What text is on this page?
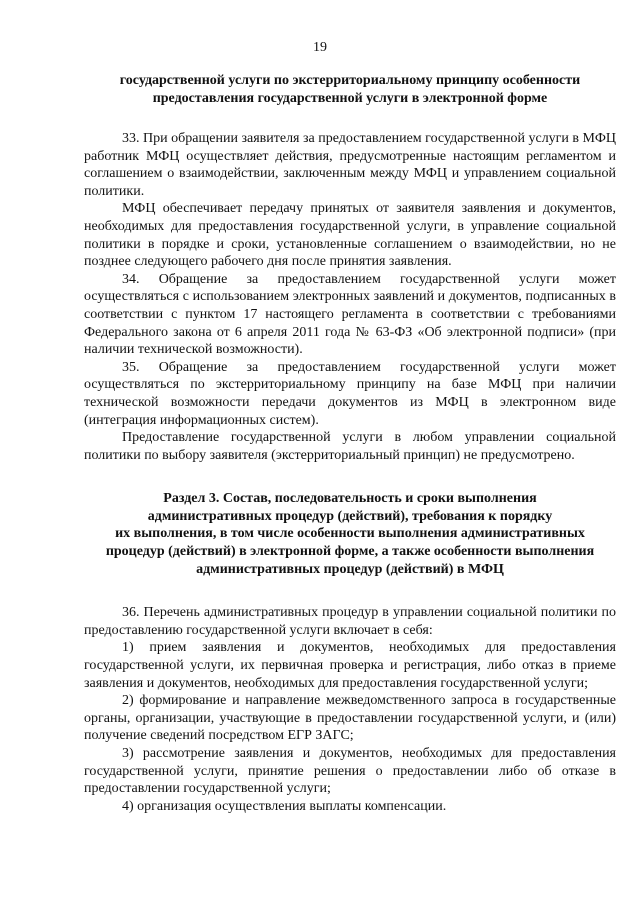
19

государственной услуги по экстерриториальному принципу особенности
предоставления государственной услуги в электронной форме

33. При обращении заявителя за предоставлением государственной услуги в МФЦ работник МФЦ осуществляет действия, предусмотренные настоящим регламентом и соглашением о взаимодействии, заключенным между МФЦ и управлением социальной политики.

МФЦ обеспечивает передачу принятых от заявителя заявления и документов, необходимых для предоставления государственной услуги, в управление социальной политики в порядке и сроки, установленные соглашением о взаимодействии, но не позднее следующего рабочего дня после принятия заявления.

34. Обращение за предоставлением государственной услуги может осуществляться с использованием электронных заявлений и документов, подписанных в соответствии с пунктом 17 настоящего регламента в соответствии с требованиями Федерального закона от 6 апреля 2011 года № 63-ФЗ «Об электронной подписи» (при наличии технической возможности).

35. Обращение за предоставлением государственной услуги может осуществляться по экстерриториальному принципу на базе МФЦ при наличии технической возможности передачи документов из МФЦ в электронном виде (интеграция информационных систем).

Предоставление государственной услуги в любом управлении социальной политики по выбору заявителя (экстерриториальный принцип) не предусмотрено.

Раздел 3. Состав, последовательность и сроки выполнения
административных процедур (действий), требования к порядку
их выполнения, в том числе особенности выполнения административных
процедур (действий) в электронной форме, а также особенности выполнения
административных процедур (действий) в МФЦ

36. Перечень административных процедур в управлении социальной политики по предоставлению государственной услуги включает в себя:

1) прием заявления и документов, необходимых для предоставления государственной услуги, их первичная проверка и регистрация, либо отказ в приеме заявления и документов, необходимых для предоставления государственной услуги;

2) формирование и направление межведомственного запроса в государственные органы, организации, участвующие в предоставлении государственной услуги, и (или) получение сведений посредством ЕГР ЗАГС;

3) рассмотрение заявления и документов, необходимых для предоставления государственной услуги, принятие решения о предоставлении либо об отказе в предоставлении государственной услуги;

4) организация осуществления выплаты компенсации.
